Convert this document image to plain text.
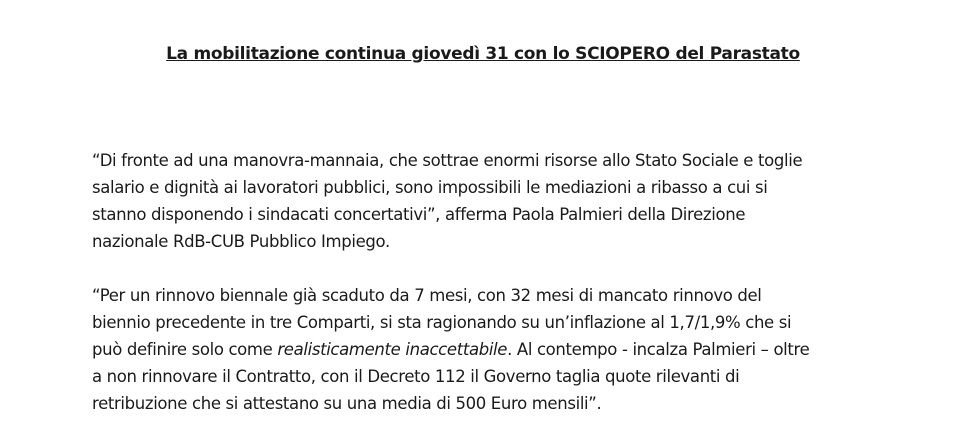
La mobilitazione continua giovedì 31 con lo SCIOPERO del Parastato

“Di fronte ad una manovra-mannaia, che sottrae enormi risorse allo Stato Sociale e toglie
salario e dignità ai lavoratori pubblici, sono impossibili le mediazioni a ribasso a cui si
stanno disponendo i sindacati concertativi”, afferma Paola Palmieri della Direzione
nazionale RdB-CUB Pubblico Impiego.

“Per un rinnovo biennale già scaduto da 7 mesi, con 32 mesi di mancato rinnovo del
biennio precedente in tre Comparti, si sta ragionando su un’inflazione al 1,7/1,9% che si
può definire solo come realisticamente inaccettabile. Al contempo - incalza Palmieri – oltre
a non rinnovare il Contratto, con il Decreto 112 il Governo taglia quote rilevanti di
retribuzione che si attestano su una media di 500 Euro mensili”.
